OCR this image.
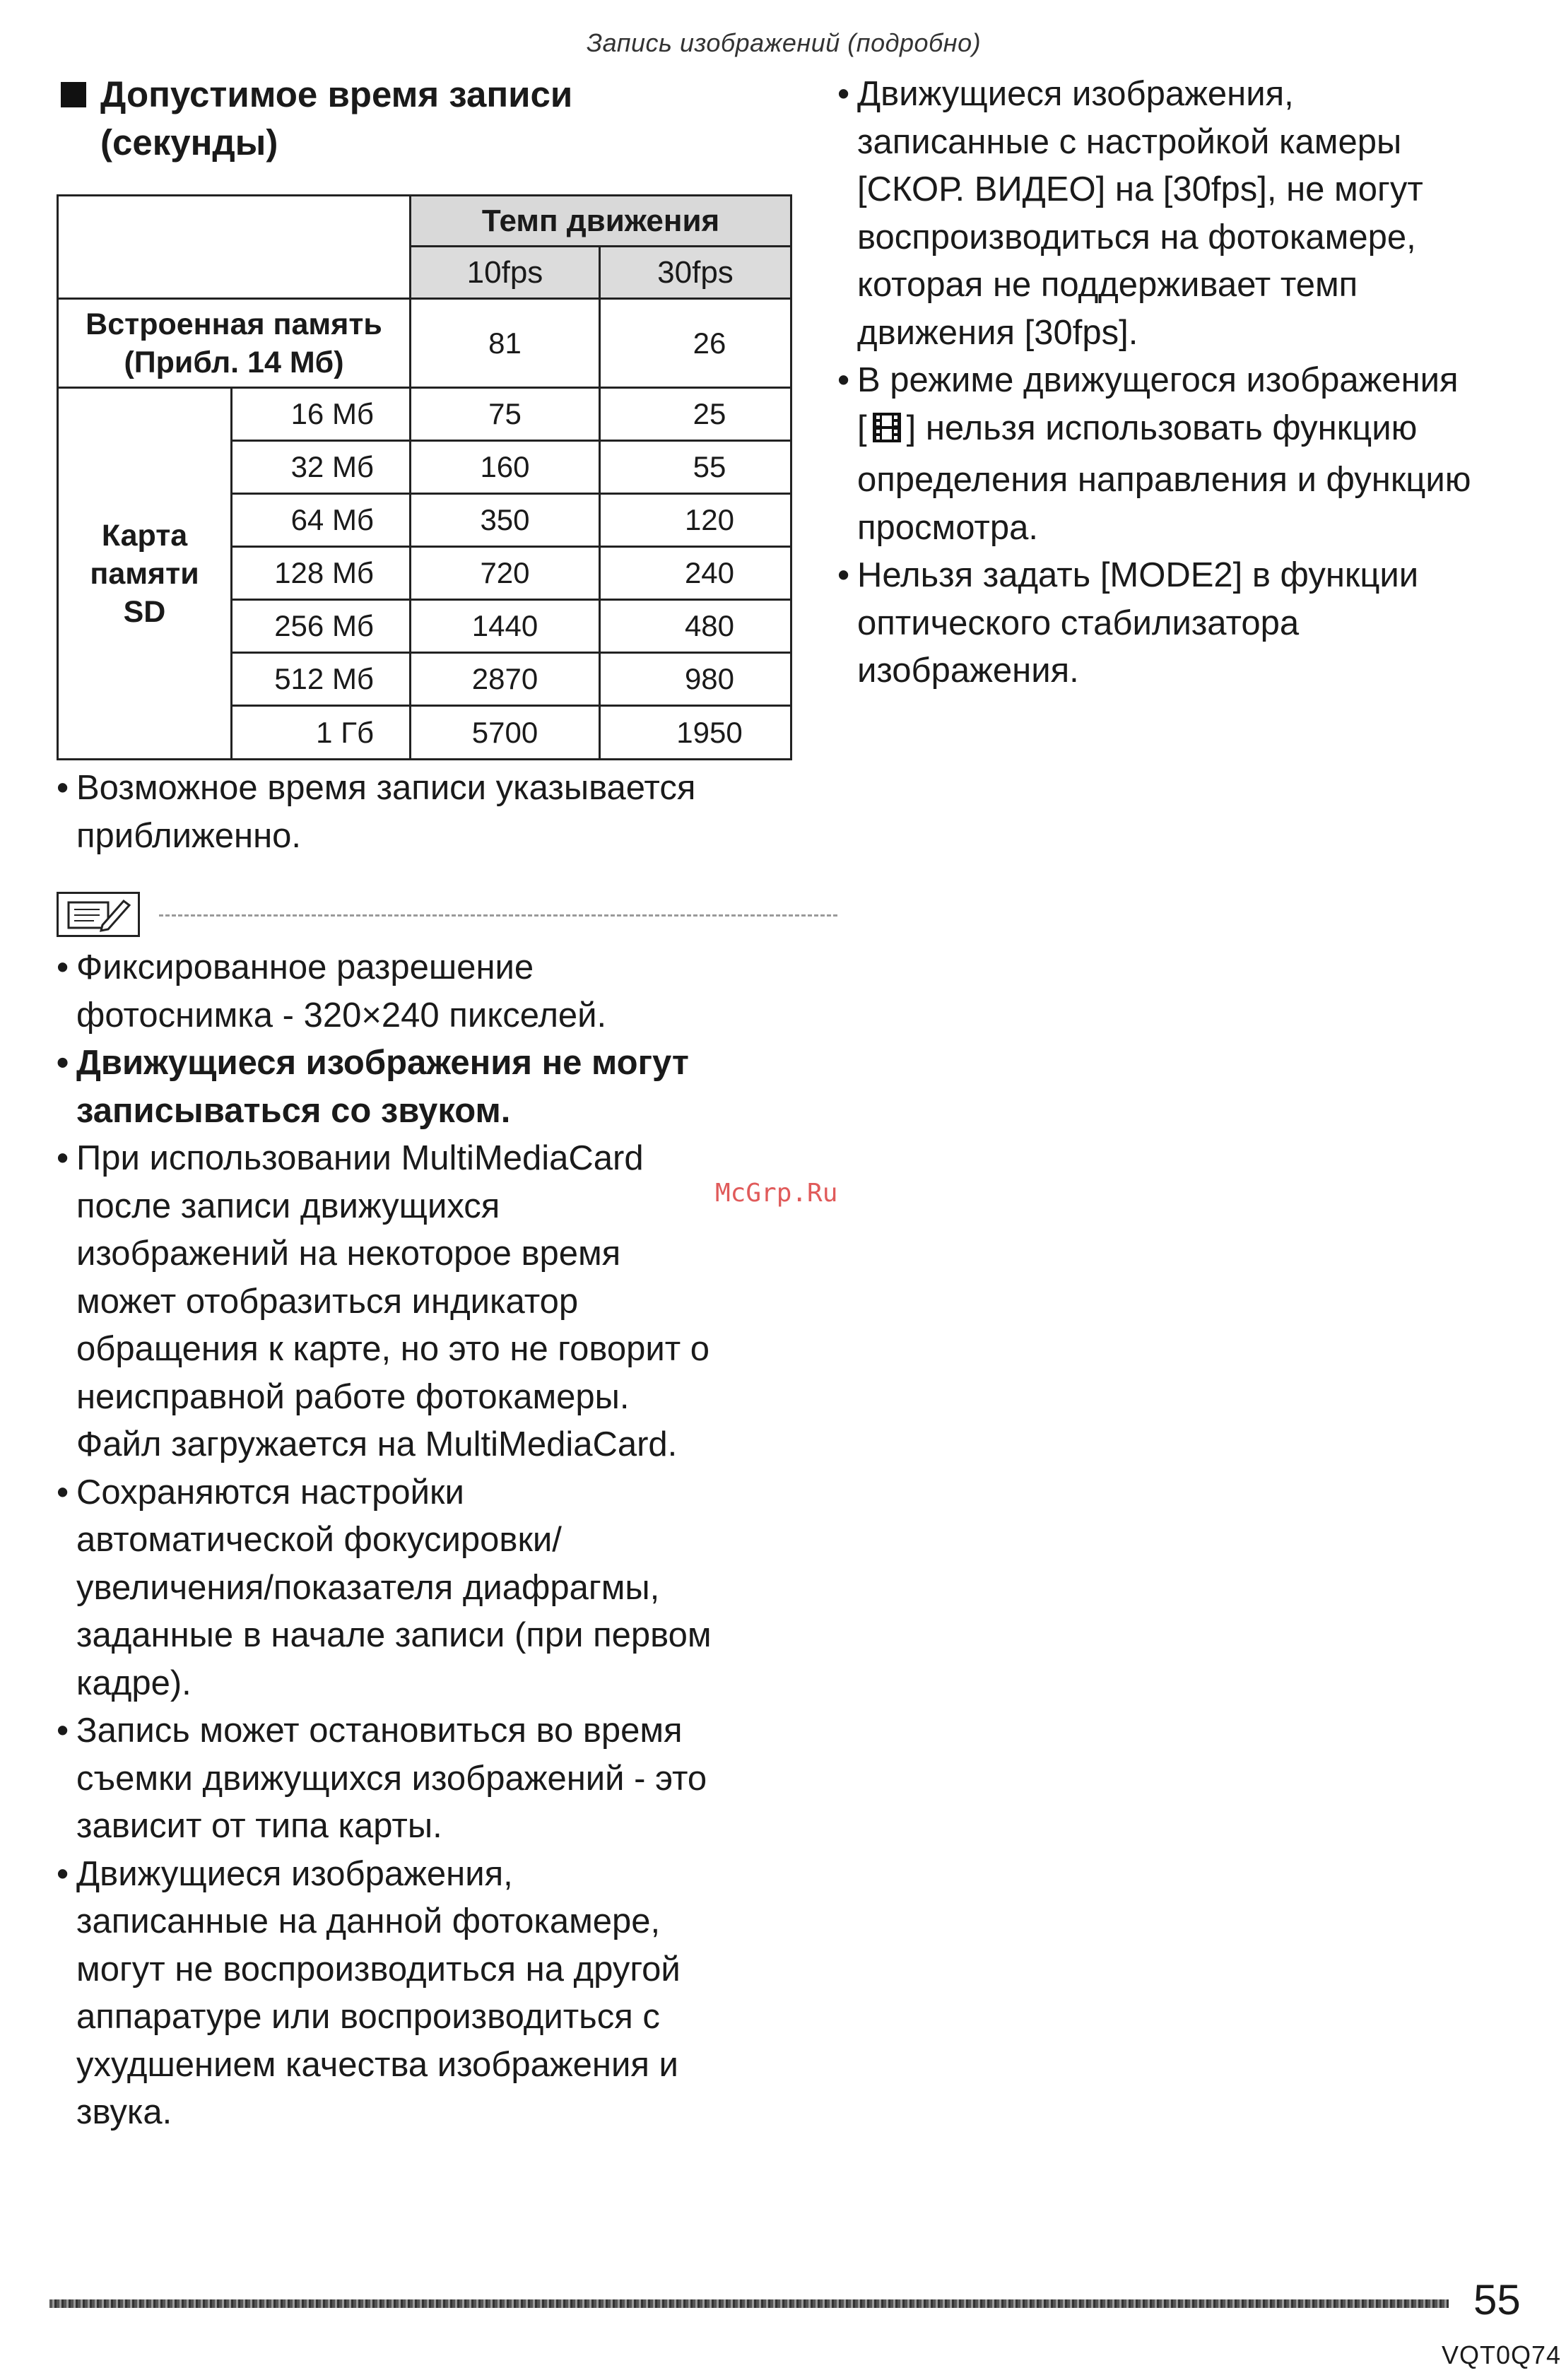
Запись изображений (подробно)
Допустимое время записи
(секунды)
		Темп движения	
		10fps	30fps

Встроенная память
(Прибл. 14 Мб)		81	26

Карта
памяти
SD	16 Мб	75	25
	32 Мб	160	55
	64 Мб	350	120
	128 Мб	720	240
	256 Мб	1440	480
	512 Мб	2870	980
	1 Гб	5700	1950
• Возможное время записи указывается
приближенно.
• Фиксированное разрешение
фотоснимка - 320×240 пикселей.
• Движущиеся изображения не могут
записываться со звуком.
• При использовании MultiMediaCard
после записи движущихся
изображений на некоторое время
может отобразиться индикатор
обращения к карте, но это не говорит о
неисправной работе фотокамеры.
Файл загружается на MultiMediaCard.
• Сохраняются настройки
автоматической фокусировки/
увеличения/показателя диафрагмы,
заданные в начале записи (при первом
кадре).
• Запись может остановиться во время
съемки движущихся изображений - это
зависит от типа карты.
• Движущиеся изображения,
записанные на данной фотокамере,
могут не воспроизводиться на другой
аппаратуре или воспроизводиться с
ухудшением качества изображения и
звука.
• Движущиеся изображения,
записанные с настройкой камеры
[СКОР. ВИДЕО] на [30fps], не могут
воспроизводиться на фотокамере,
которая не поддерживает темп
движения [30fps].
• В режиме движущегося изображения
[ ] нельзя использовать функцию
определения направления и функцию
просмотра.
• Нельзя задать [MODE2] в функции
оптического стабилизатора
изображения.
McGrp.Ru
55
VQT0Q74
